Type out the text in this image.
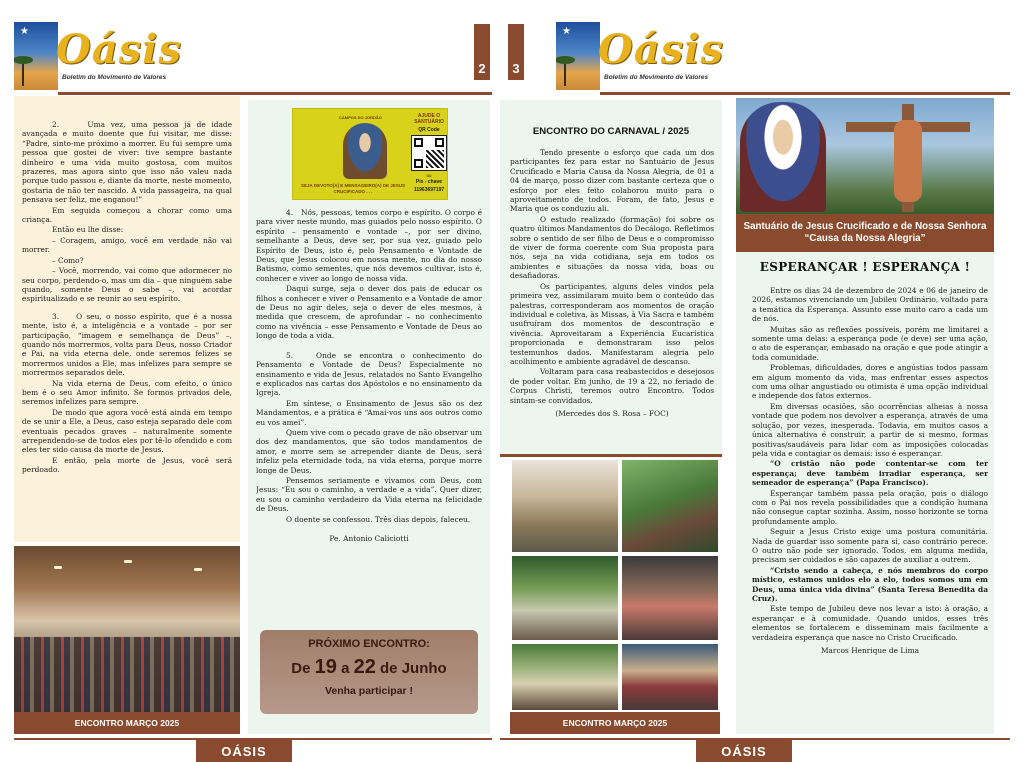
★ Oásis
Boletim do Movimento de Valores
2

2.     Uma vez, uma pessoa já de idade avançada e muito doente que fui visitar, me disse: “Padre, sinto-me próximo a morrer. Eu fui sempre uma pessoa que gostei de viver: tive sempre bastante dinheiro e uma vida muito gostosa, com muitos prazeres, mas agora sinto que isso não valeu nada porque tudo passou e, diante da morte, neste momento, gostaria de não ter nascido. A vida passageira, na qual pensava ser feliz, me enganou!”

Em seguida começou a chorar como uma criança.

Então eu lhe disse:

– Coragem, amigo, você em verdade não vai morrer.

– Como?

– Você, morrendo, vai como que adormecer no seu corpo, perdendo-o, mas um dia – que ninguém sabe quando, somente Deus o sabe –, vai acordar espiritualizado e se reunir ao seu espírito.

3.    O seu, o nosso espírito, que é a nossa mente, isto é, a inteligência e a vontade – por ser participação, “imagem e semelhança de Deus” –, quando nós morrermos, volta para Deus, nosso Criador e Pai, na vida eterna dele, onde seremos felizes se morrermos unidos a Ele, mas infelizes para sempre se morrermos separados dele.

Na vida eterna de Deus, com efeito, o único bem é o seu Amor infinito. Se formos privados dele, seremos infelizes para sempre.

De modo que agora você está ainda em tempo de se unir a Ele, a Deus, caso esteja separado dele com eventuais pecados graves – naturalmente somente arrependendo-se de todos eles por tê-lo ofendido e com eles ter sido causa da morte de Jesus.

E então, pela morte de Jesus, você será perdoado.

ENCONTRO MARÇO 2025
CAMPOS DO JORDÃO	AJUDE O SANTUÁRIO
QR Code
ou
Pix - chave
11963697197
SEJA DEVOTO(A) E MENSAGEIRO(A) DE JESUS CRUCIFICADO . . .

4.   Nós, pessoas, temos corpo e espírito. O corpo é para viver neste mundo, mas guiados pelo nosso espírito. O espírito – pensamento e vontade –, por ser divino, semelhante a Deus, deve ser, por sua vez, guiado pelo Espírito de Deus, isto é, pelo Pensamento e Vontade de Deus, que Jesus colocou em nossa mente, no dia do nosso Batismo, como sementes, que nós devemos cultivar, isto é, conhecer e viver ao longo de nossa vida.

Daqui surge, seja o dever dos pais de educar os filhos a conhecer e viver o Pensamento e a Vontade de amor de Deus no agir deles, seja o dever de eles mesmos, à medida que crescem, de aprofundar – no conhecimento como na vivência – esse Pensamento e Vontade de Deus ao longo de toda a vida.

5.   Onde se encontra o conhecimento do Pensamento e Vontade de Deus? Especialmente no ensinamento e vida de Jesus, relatados no Santo Evangelho e explicados nas cartas dos Apóstolos e no ensinamento da Igreja.

Em síntese, o Ensinamento de Jesus são os dez Mandamentos, e a prática é “Amai-vos uns aos outros como eu vos amei”.

Quem vive com o pecado grave de não observar um dos dez mandamentos, que são todos mandamentos de amor, e morre sem se arrepender diante de Deus, será infeliz pela eternidade toda, na vida eterna, porque morre longe de Deus.

Pensemos seriamente e vivamos com Deus, com Jesus: “Eu sou o caminho, a verdade e a vida”. Quer dizer, eu sou o caminho verdadeiro da Vida eterna na felicidade de Deus.

O doente se confessou. Três dias depois, faleceu.

Pe. Antonio Caliciotti

PRÓXIMO ENCONTRO:
De 19 a 22 de Junho
Venha participar !
OÁSIS
3
★ Oásis
Boletim do Movimento de Valores
ENCONTRO DO CARNAVAL / 2025

Tendo presente o esforço que cada um dos participantes fez para estar no Santuário de Jesus Crucificado e Maria Causa da Nossa Alegria, de 01 a 04 de março, posso dizer com bastante certeza que o esforço por eles feito colaborou muito para o aproveitamento de todos. Foram, de fato, Jesus e Maria que os conduziu ali.

O estudo realizado (formação) foi sobre os quatro últimos Mandamentos do Decálogo. Refletimos sobre o sentido de ser filho de Deus e o compromisso de viver de forma coerente com Sua proposta para nós, seja na vida cotidiana, seja em todos os ambientes e situações da nossa vida, boas ou desafiadoras.

Os participantes, alguns deles vindos pela primeira vez, assimilaram muito bem o conteúdo das palestras, corresponderam aos momentos de oração individual e coletiva, às Missas, à Via Sacra e também usufruíram dos momentos de descontração e vivência. Aproveitaram a Experiência Eucarística proporcionada e demonstraram isso pelos testemunhos dados. Manifestaram alegria pelo acolhimento e ambiente agradável de descanso.

Voltaram para casa reabastecidos e desejosos de poder voltar. Em junho, de 19 a 22, no feriado de Corpus Christi, teremos outro Encontro. Todos sintam-se convidados.

(Mercedes dos S. Rosa – FOC)

ENCONTRO MARÇO 2025
Santuário de Jesus Crucificado e de Nossa Senhora “Causa da Nossa Alegria”
ESPERANÇAR ! ESPERANÇA !

Entre os dias 24 de dezembro de 2024 e 06 de janeiro de 2026, estamos vivenciando um Jubileu Ordinário, voltado para a temática da Esperança. Assunto esse muito caro a cada um de nós.

Muitas são as reflexões possíveis, porém me limitarei a somente uma delas: a esperança pode (e deve) ser uma ação, o ato de esperançar, embasado na oração e que pode atingir a toda comunidade.

Problemas, dificuldades, dores e angústias todos passam em algum momento da vida, mas enfrentar esses aspectos com uma olhar angustiado ou otimista é uma opção individual e independe dos fatos externos.

Em diversas ocasiões, são ocorrências alheias à nossa vontade que podem nos devolver a esperança, através de uma solução, por vezes, inesperada. Todavia, em muitos casos a única alternativa é construir, a partir de si mesmo, formas positivas/saudáveis para lidar com as imposições colocadas pela vida e contagiar os demais: isso é esperançar.

“O cristão não pode contentar-se com ter esperança; deve também irradiar esperança, ser semeador de esperança” (Papa Francisco).

Esperançar também passa pela oração, pois o diálogo com o Pai nos revela possibilidades que a condição humana não consegue captar sozinha. Assim, nosso horizonte se torna profundamente amplo.

Seguir a Jesus Cristo exige uma postura comunitária. Nada de guardar isso somente para si, caso contrário perece. O outro não pode ser ignorado. Todos, em alguma medida, precisam ser cuidados e são capazes de auxiliar a outrem.

“Cristo sendo a cabeça, e nós membros do corpo místico, estamos unidos elo a elo, todos somos um em Deus, uma única vida divina” (Santa Teresa Benedita da Cruz).

Este tempo de Jubileu deve nos levar a isto: à oração, a esperançar e à comunidade. Quando unidos, esses três elementos se fortalecem e disseminam mais facilmente a verdadeira esperança que nasce no Cristo Crucificado.

Marcos Henrique de Lima

OÁSIS
